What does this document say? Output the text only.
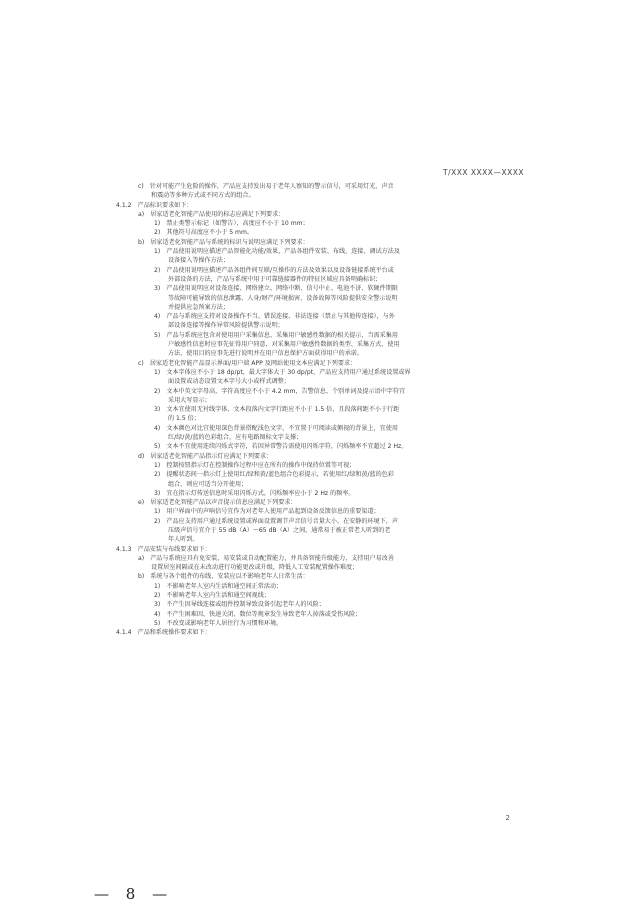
T/XXX XXXX—XXXX
c)　针对可能产生危险的操作，产品应支持发出易于老年人察知的警示信号，可采用灯光、声音
和震动等多种方式或不同方式的组合。
4.1.2　产品标识要求如下：
a)　居家适老化智能产品使用的标志应满足下列要求：
1)　禁止类警示标记（如警告），高度应不小于 10 mm；
2)　其他符号高度应不小于 5 mm。
b)　居家适老化智能产品与系统的标识与说明应满足下列要求：
1)　产品使用说明应描述产品智能化功能/效果，产品各组件安装、布线、连接、调试方法及
设备接入等操作方法；
2)　产品使用说明应描述产品各组件间互联/互操作的方法及效果以及设备链接系统平台或
外部设备的方法，产品与系统中用于可靠链接器件的特征区域应具备明确标识；
3)　产品使用说明应对设备连接、网络建立、网络中断、信号中止、电池不济、软硬件期限
等故障可能导致的信息泄露、人身/财产/环境损害、设备故障等风险提供安全警示说明
并提供应急预案方法；
4)　产品与系统应支持对设备操作不当、错误连接、非法连接（禁止与其他传连接），与外
部设备连接等操作异常风险提供警示说明；
5)　产品与系统应包含对使用用户采集信息、采集用户敏感性数据的相关提示，当需采集用
户敏感性信息时应事先征得用户同意，对采集用户敏感性数据的类型、采集方式、使用
方法、使用目的应事先进行说明并在用户信息保护方面获得用户的承诺。
c)　居家适老化智能产品显示界面/用户端 APP 及网站使用文本应满足下列要求：
1)　文本字体应不小于 18 dp/pt，最大字体大于 30 dp/pt，产品应支持用户通过系统设置或界
面设置或动态设置文本字号大小或样式调整；
2)　文本中英文字母高，字符高度应不小于 4.2 mm，告警信息、个别单词及提示语中字符宜
采用大写显示；
3)　文本宜使用无衬线字体，文本段落内文字行距应不小于 1.5 倍，且段落间距不小于行距
的 1.5 倍；
4)　文本颜色对比宜使用深色背景搭配浅色文字，不宜置于可阅读或侧视的背景上，宜使用
红/绿/黄/蓝的色彩组合，应有电路图标文字支撑；
5)　文本不宜使用连续闪烁式字符，若因异常警告需使用闪烁字符，闪烁频率不宜超过 2 Hz。
d)　居家适老化智能产品指示灯应满足下列要求：
1)　控制按钮指示灯在控制操作过程中应在所有的操作中保持位置等可视；
2)　提醒状态间一指示灯上使用红/绿和黄/蓝色组合色彩提示，若使用红/绿和黄/蓝的色彩
组合，则应可适当分开使用；
3)　宜在指示灯传送信息时采用闪烁方式，闪烁频率应小于 2 Hz 的频率。
e)　居家适老化智能产品以声音提示信息应满足下列要求：
1)　用户界面中的声响信号宜作为对老年人使用产品起到设备反馈信息的重要渠道；
2)　产品应支持用户通过系统设置或界面设置调节声音信号音量大小，在安静的环境下，声
压级声信号宜介于 55 dB（A）～65 dB（A）之间，通常易于被正常老人听到的老
年人听到。
4.1.3　产品安装与布线要求如下：
a)　产品与系统应具有免安装、易安装或自动配置能力，并具备智能升级能力，支持用户易改善
设置居室间隔或在未改动进行功能更改或升级，降低人工安装配置操作难度；
b)　系统与各个组件的布线、安装应以不影响老年人日常生活：
1)　不影响老年人室内生活和通空间正常活动；
2)　不影响老年人室内生活和通空间视线；
3)　不产生因导线连接或组件控制导致设备引起老年人的风险；
4)　不产生困难因、快速关闭、数位等规章发生导致老年人掉落或受伤风险；
5)　不改变或影响老年人居住行为习惯和环境。
4.1.4　产品和系统操作要求如下：
2
— 8 —
